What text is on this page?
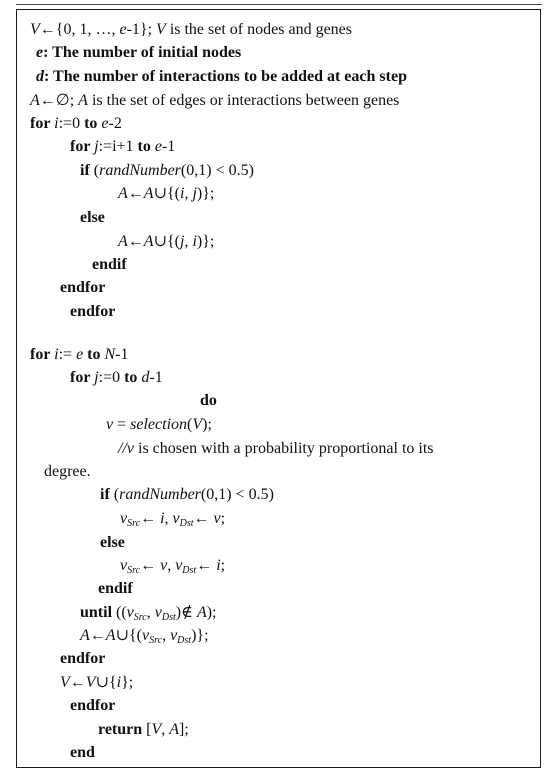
V←{0, 1, …, e-1}; V is the set of nodes and genes
e: The number of initial nodes
d: The number of interactions to be added at each step
A←∅; A is the set of edges or interactions between genes
for i:=0 to e-2
for j:=i+1 to e-1
if (randNumber(0,1) < 0.5)
A←A∪{(i, j)};
else
A←A∪{(j, i)};
endif
endfor
endfor
for i:= e to N-1
for j:=0 to d-1
do
v = selection(V);
//v is chosen with a probability proportional to its
degree.
if (randNumber(0,1) < 0.5)
$v_{Src}\leftarrow$ i, $v_{Dst}\leftarrow$ v;
else
$v_{Src}\leftarrow$ v, $v_{Dst}\leftarrow$ i;
endif
until (($v_{Src}$, $v_{Dst})\notin$ A);
$A\leftarrow A\cup\{(v_{Src}$, $v_{Dst}$)};
endfor
V←V∪{i};
endfor
return [V, A];
end
